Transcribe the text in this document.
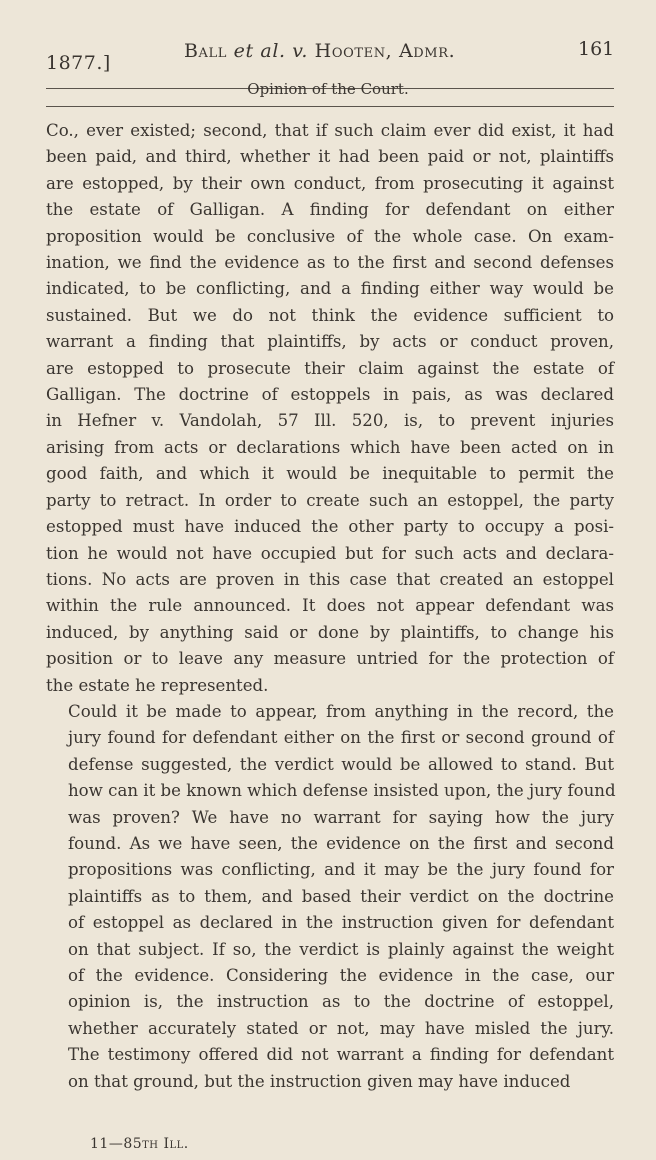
1877.]
Ball et al. v. Hooten, Admr.	161
Opinion of the Court.

Co., ever existed; second, that if such claim ever did exist, it had
been paid, and third, whether it had been paid or not, plaintiffs
are estopped, by their own conduct, from prosecuting it against
the estate of Galligan. A finding for defendant on either
proposition would be conclusive of the whole case. On exam-
ination, we find the evidence as to the first and second defenses
indicated, to be conflicting, and a finding either way would be
sustained. But we do not think the evidence sufficient to
warrant a finding that plaintiffs, by acts or conduct proven,
are estopped to prosecute their claim against the estate of
Galligan. The doctrine of estoppels in pais, as was declared
in Hefner v. Vandolah, 57 Ill. 520, is, to prevent injuries
arising from acts or declarations which have been acted on in
good faith, and which it would be inequitable to permit the
party to retract. In order to create such an estoppel, the party
estopped must have induced the other party to occupy a posi-
tion he would not have occupied but for such acts and declara-
tions. No acts are proven in this case that created an estoppel
within the rule announced. It does not appear defendant was
induced, by anything said or done by plaintiffs, to change his
position or to leave any measure untried for the protection of
the estate he represented.

Could it be made to appear, from anything in the record, the
jury found for defendant either on the first or second ground of
defense suggested, the verdict would be allowed to stand. But
how can it be known which defense insisted upon, the jury found
was proven? We have no warrant for saying how the jury
found. As we have seen, the evidence on the first and second
propositions was conflicting, and it may be the jury found for
plaintiffs as to them, and based their verdict on the doctrine
of estoppel as declared in the instruction given for defendant
on that subject. If so, the verdict is plainly against the weight
of the evidence. Considering the evidence in the case, our
opinion is, the instruction as to the doctrine of estoppel,
whether accurately stated or not, may have misled the jury.
The testimony offered did not warrant a finding for defendant
on that ground, but the instruction given may have induced

11—85th Ill.
